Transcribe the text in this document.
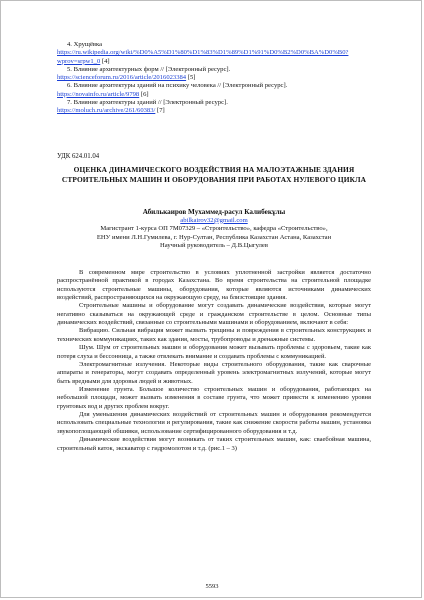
4. Хрущёвка

https://ru.wikipedia.org/wiki/%D0%A5%D1%80%D1%83%D1%89%D1%91%D0%B2%D0%BA%D0%B0?wprov=srpw1_0 [4]

5. Влияние архитектурных форм // [Электронный ресурс].

https://scienceforum.ru/2016/article/2016023384 [5]

6. Влияние архитектуры зданий на психику человека // [Электронный ресурс].

https://novainfo.ru/article/9798 [6]

7. Влияние архитектуры зданий // [Электронный ресурс].

https://moluch.ru/archive/261/60383/ [7]

УДК 624.01.04
ОЦЕНКА ДИНАМИЧЕСКОГО ВОЗДЕЙСТВИЯ НА МАЛОЭТАЖНЫЕ ЗДАНИЯ СТРОИТЕЛЬНЫХ МАШИН И ОБОРУДОВАНИЯ ПРИ РАБОТАХ НУЛЕВОГО ЦИКЛА
Абилькаиров Мухаммед-расул Калибекұлы
abilkairov32@gmail.com
Магистрант 1-курса ОП 7М07329 – «Строительство», кафедра «Строительство»,
ЕНУ имени Л.Н.Гумилева, г. Нур-Султан, Республика Казахстан Астана, Казахстан
Научный руководитель – Д.В.Цыгулев

В современном мире строительство в условиях уплотненной застройки является достаточно распространённой практикой в городах Казахстана. Во время строительства на строительной площадке используются строительные машины, оборудования, которые являются источниками динамических воздействий, распространяющихся на окружающую среду, на близстоящие здания.

Строительные машины и оборудование могут создавать динамические воздействия, которые могут негативно сказываться на окружающей среде и гражданском строительстве в целом. Основные типы динамических воздействий, связанные со строительными машинами и оборудованием, включают в себя:

Вибрацию. Сильная вибрация может вызвать трещины и повреждения в строительных конструкциях и технических коммуникациях, таких как здания, мосты, трубопроводы и дренажные системы.

Шум. Шум от строительных машин и оборудования может вызывать проблемы с здоровьем, такие как потеря слуха и бессонница, а также отвлекать внимание и создавать проблемы с коммуникацией.

Электромагнитные излучения. Некоторые виды строительного оборудования, такие как сварочные аппараты и генераторы, могут создавать определенный уровень электромагнитных излучений, которые могут быть вредными для здоровья людей и животных.

Изменение грунта. Большое количество строительных машин и оборудования, работающих на небольшой площади, может вызвать изменения в составе грунта, что может привести к изменению уровня грунтовых вод и других проблем вокруг.

Для уменьшения динамических воздействий от строительных машин и оборудования рекомендуется использовать специальные технологии и регулирования, такие как снижение скорости работы машин, установка звукопоглощающей обшивки, использование сертифицированного оборудования и т.д.

Динамические воздействия могут возникать от таких строительных машин, как: сваебойная машина, строительный каток, экскаватор с гидромолотом и т.д. (рис.1 – 3)

5593
